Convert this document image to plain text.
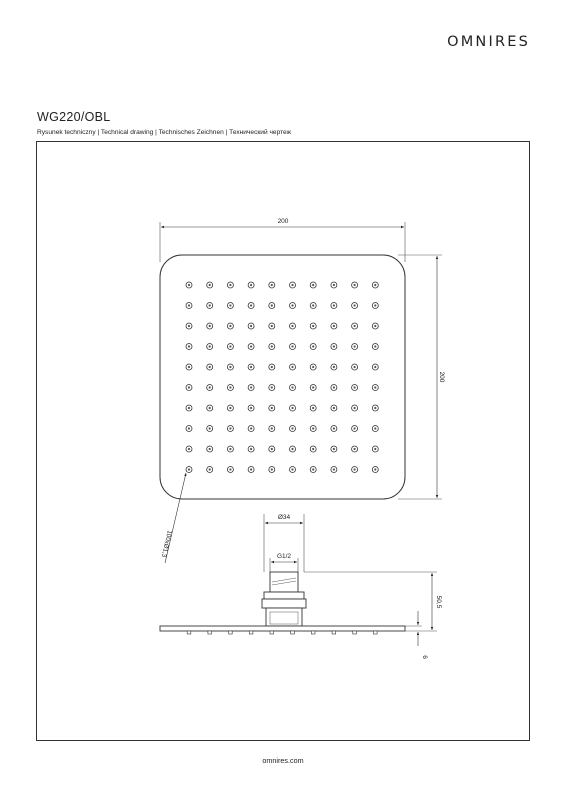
OMNIRES
WG220/OBL
Rysunek techniczny | Technical drawing | Technisches Zeichnen | Технический чертеж
200
200
100xØ1,3
Ø34
G1/2
50,5
6
omnires.com
